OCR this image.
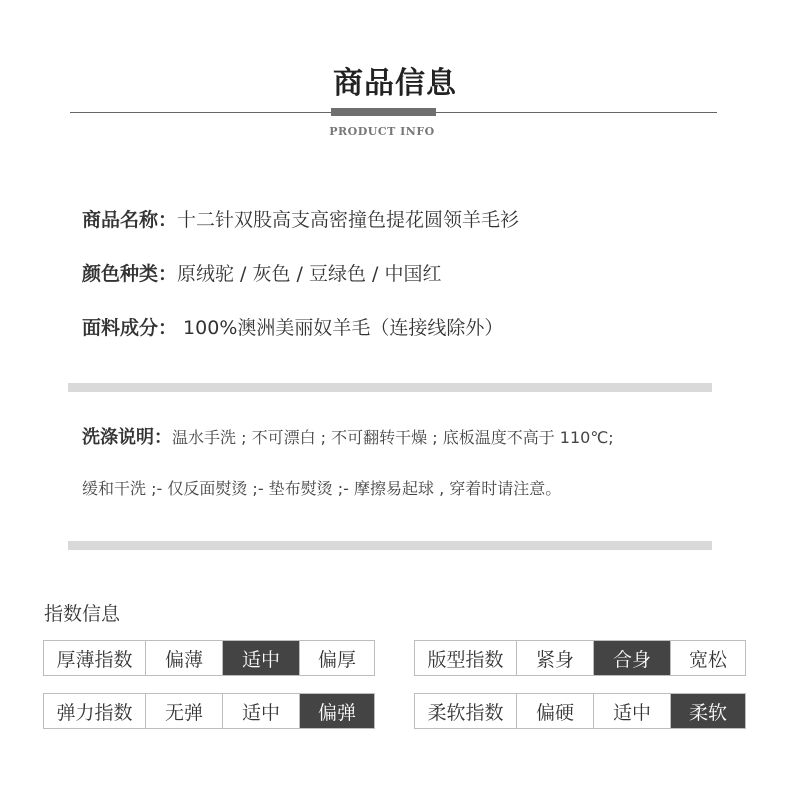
商品信息
PRODUCT INFO
商品名称：十二针双股高支高密撞色提花圆领羊毛衫
颜色种类：原绒驼 / 灰色 / 豆绿色 / 中国红
面料成分： 100%澳洲美丽奴羊毛（连接线除外）
洗涤说明：温水手洗 ; 不可漂白 ; 不可翻转干燥 ; 底板温度不高于 110℃;
缓和干洗 ;- 仅反面熨烫 ;- 垫布熨烫 ;- 摩擦易起球 , 穿着时请注意。
指数信息
厚薄指数	偏薄	适中	偏厚	版型指数	紧身	合身	宽松
弹力指数	无弹	适中	偏弹	柔软指数	偏硬	适中	柔软
